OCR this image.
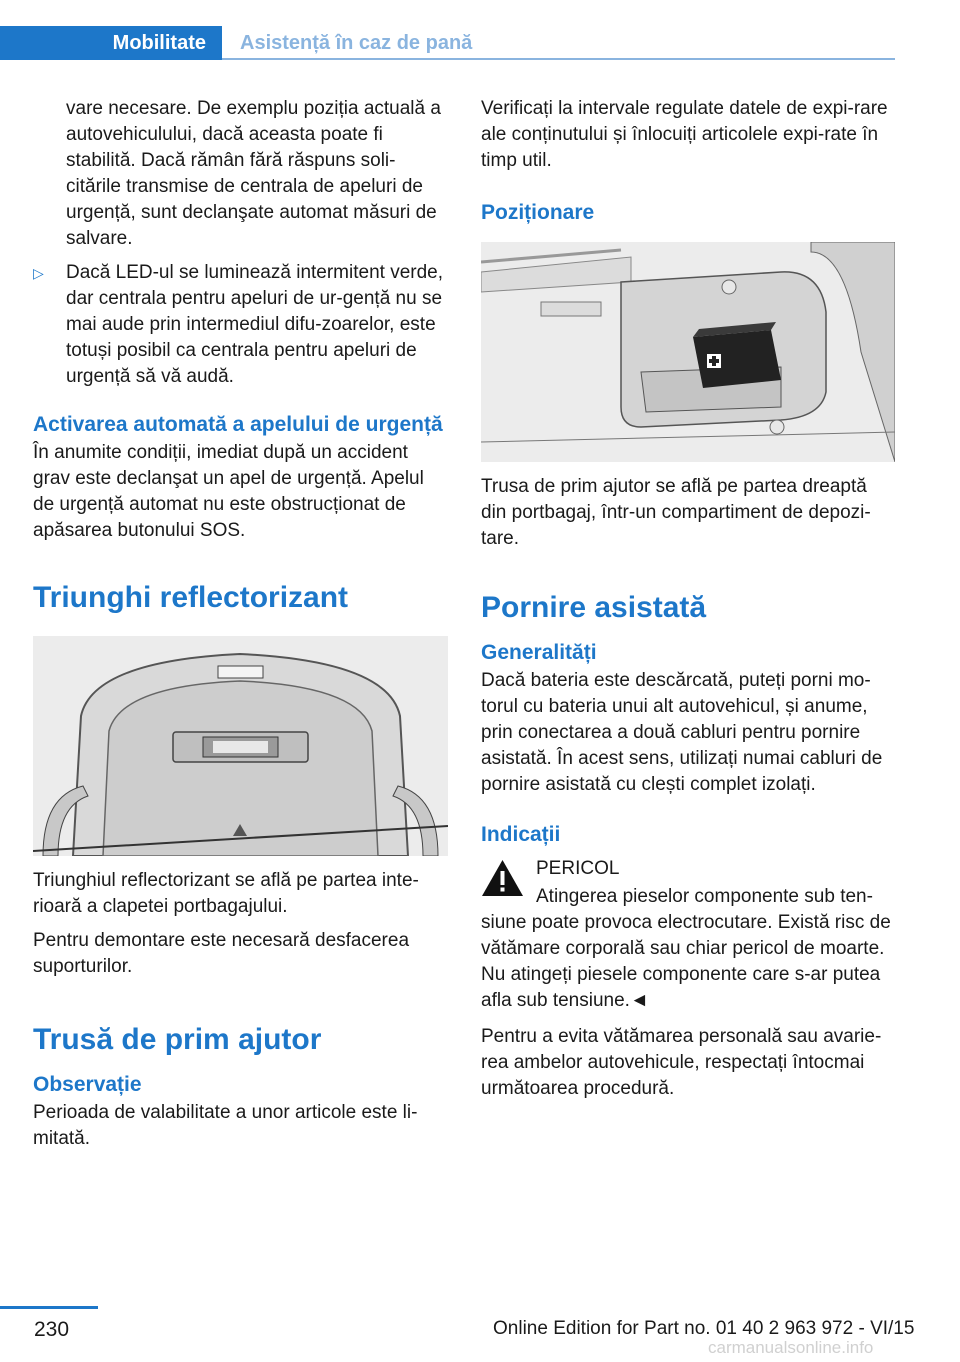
Mobilitate	Asistență în caz de pană

vare necesare. De exemplu poziția actuală a autovehiculului, dacă aceasta poate fi stabilită. Dacă rămân fără răspuns soli‐citările transmise de centrala de apeluri de urgență, sunt declanşate automat măsuri de salvare.

▷	Dacă LED-ul se luminează intermitent verde, dar centrala pentru apeluri de ur‐gență nu se mai aude prin intermediul difu‐zoarelor, este totuși posibil ca centrala pentru apeluri de urgență să vă audă.

Activarea automată a apelului de urgență

În anumite condiții, imediat după un accident grav este declanşat un apel de urgență. Apelul de urgență automat nu este obstrucționat de apăsarea butonului SOS.

Triunghi reflectorizant

Triunghiul reflectorizant se află pe partea inte‐rioară a clapetei portbagajului.

Pentru demontare este necesară desfacerea suporturilor.

Trusă de prim ajutor
Observație

Perioada de valabilitate a unor articole este li‐mitată.

Verificați la intervale regulate datele de expi‐rare ale conținutului și înlocuiți articolele expi‐rate în timp util.

Poziționare

Trusa de prim ajutor se află pe partea dreaptă din portbagaj, într-un compartiment de depozi‐tare.

Pornire asistată
Generalități

Dacă bateria este descărcată, puteți porni mo‐torul cu bateria unui alt autovehicul, și anume, prin conectarea a două cabluri pentru pornire asistată. În acest sens, utilizați numai cabluri de pornire asistată cu clești complet izolați.

Indicații

PERICOL

Atingerea pieselor componente sub ten‐

siune poate provoca electrocutare. Există risc de vătămare corporală sau chiar pericol de moarte. Nu atingeți piesele componente care s-ar putea afla sub tensiune.◄

Pentru a evita vătămarea personală sau avarie‐rea ambelor autovehicule, respectați întocmai următoarea procedură.

230	Online Edition for Part no. 01 40 2 963 972 - VI/15
carmanualsonline.info
